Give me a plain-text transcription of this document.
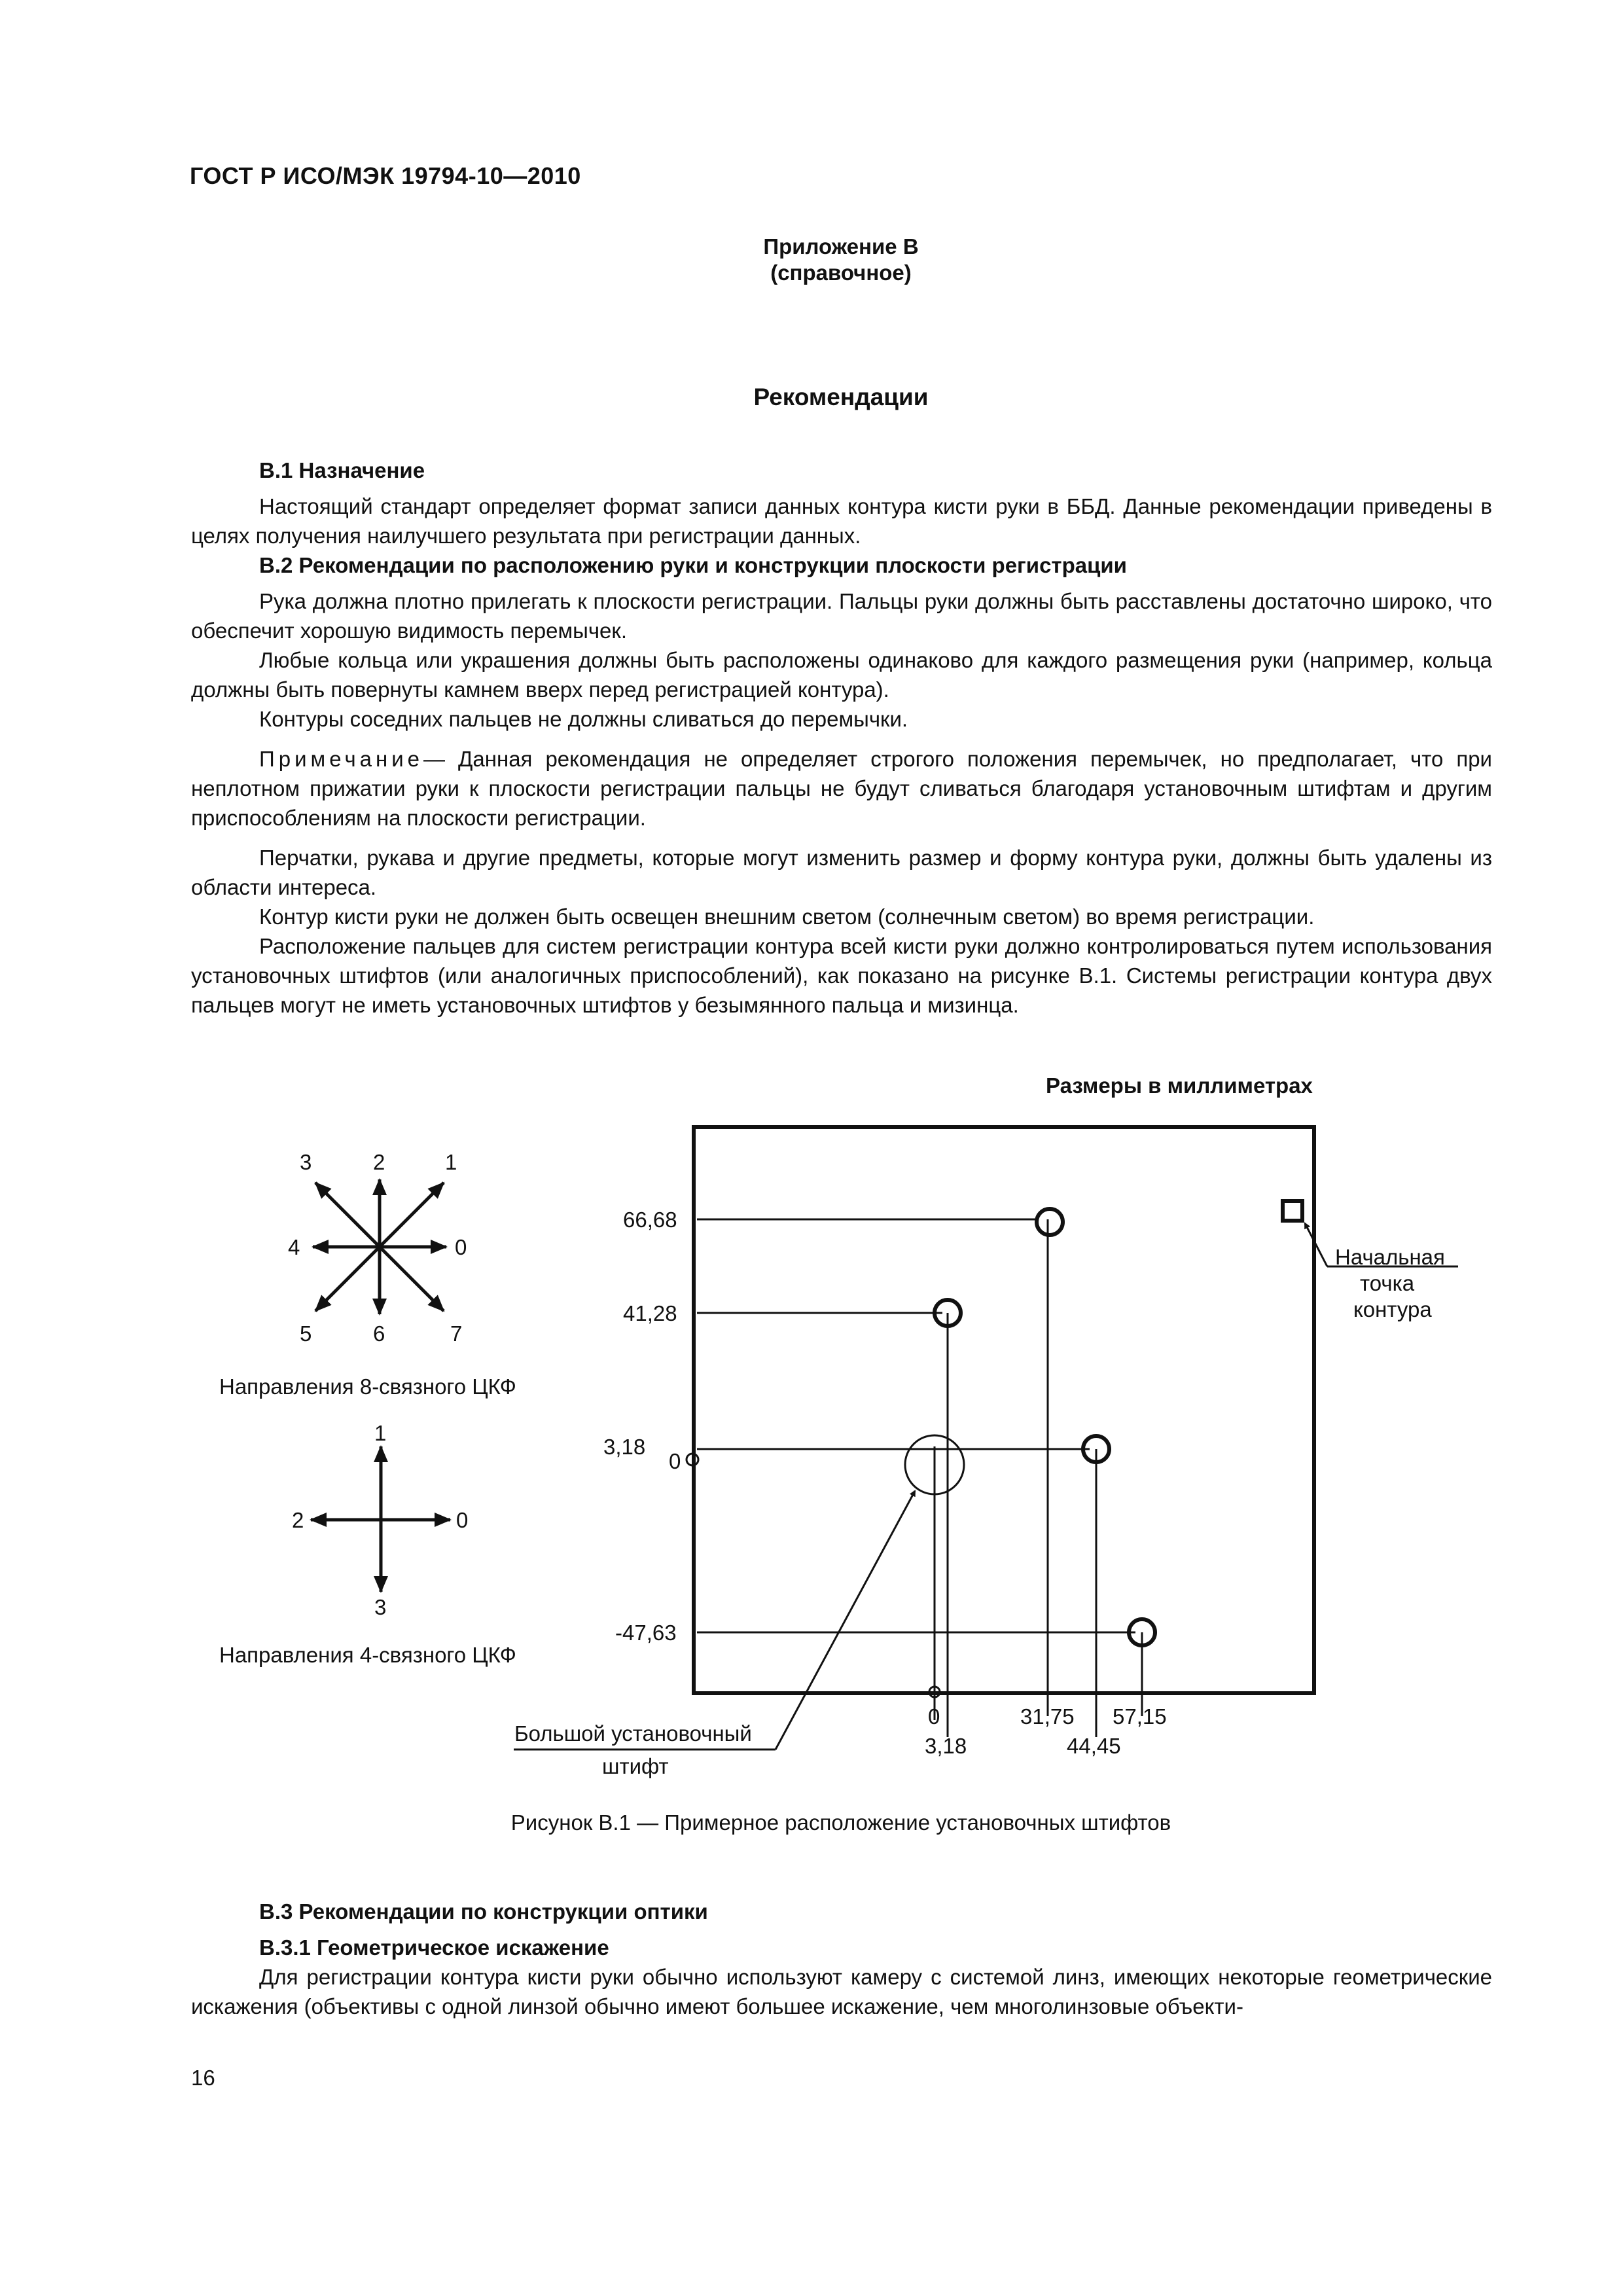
ГОСТ Р ИСО/МЭК 19794-10—2010
Приложение B
(справочное)
Рекомендации

B.1 Назначение

Настоящий стандарт определяет формат записи данных контура кисти руки в ББД. Данные рекомендации приведены в целях получения наилучшего результата при регистрации данных.

B.2 Рекомендации по расположению руки и конструкции плоскости регистрации

Рука должна плотно прилегать к плоскости регистрации. Пальцы руки должны быть расставлены достаточно широко, что обеспечит хорошую видимость перемычек.

Любые кольца или украшения должны быть расположены одинаково для каждого размещения руки (например, кольца должны быть повернуты камнем вверх перед регистрацией контура).

Контуры соседних пальцев не должны сливаться до перемычки.

Примечание— Данная рекомендация не определяет строгого положения перемычек, но предполагает, что при неплотном прижатии руки к плоскости регистрации пальцы не будут сливаться благодаря установочным штифтам и другим приспособлениям на плоскости регистрации.

Перчатки, рукава и другие предметы, которые могут изменить размер и форму контура руки, должны быть удалены из области интереса.

Контур кисти руки не должен быть освещен внешним светом (солнечным светом) во время регистрации.

Расположение пальцев для систем регистрации контура всей кисти руки должно контролироваться путем использования установочных штифтов (или аналогичных приспособлений), как показано на рисунке B.1. Системы регистрации контура двух пальцев могут не иметь установочных штифтов у безымянного пальца и мизинца.

Размеры в миллиметрах
0
1
2
3
4
5	6	7
Направления 8-связного ЦКФ
0
1
2
3
Направления 4-связного ЦКФ
66,68
41,28
3,18
0
-47,63
0
3,18
31,75
44,45
57,15
Начальная
точка
контура
Большой установочный
штифт
Рисунок B.1 — Примерное расположение установочных штифтов

B.3 Рекомендации по конструкции оптики

B.3.1 Геометрическое искажение

Для регистрации контура кисти руки обычно используют камеру с системой линз, имеющих некоторые геометрические искажения (объективы с одной линзой обычно имеют большее искажение, чем многолинзовые объекти-

16
